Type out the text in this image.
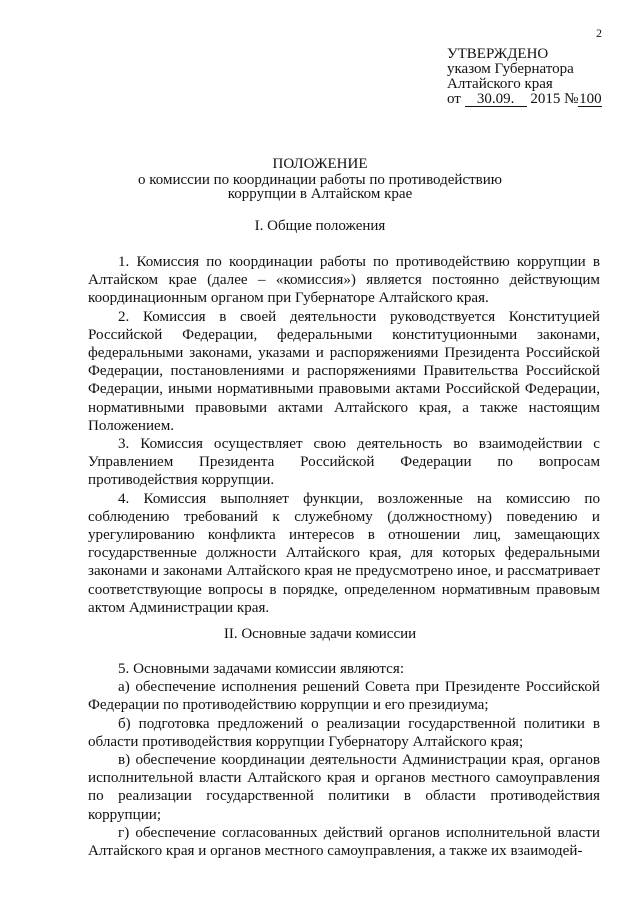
2
УТВЕРЖДЕНО
указом Губернатора
Алтайского края
от 30.09. 2015 №100
ПОЛОЖЕНИЕ
о комиссии по координации работы по противодействию
коррупции в Алтайском крае
I. Общие положения

1. Комиссия по координации работы по противодействию коррупции в Алтайском крае (далее – «комиссия») является постоянно действующим координационным органом при Губернаторе Алтайского края.

2. Комиссия в своей деятельности руководствуется Конституцией Российской Федерации, федеральными конституционными законами, федеральными законами, указами и распоряжениями Президента Российской Федерации, постановлениями и распоряжениями Правительства Российской Федерации, иными нормативными правовыми актами Российской Федерации, нормативными правовыми актами Алтайского края, а также настоящим Положением.

3. Комиссия осуществляет свою деятельность во взаимодействии с Управлением Президента Российской Федерации по вопросам противодействия коррупции.

4. Комиссия выполняет функции, возложенные на комиссию по соблюдению требований к служебному (должностному) поведению и урегулированию конфликта интересов в отношении лиц, замещающих государственные должности Алтайского края, для которых федеральными законами и законами Алтайского края не предусмотрено иное, и рассматривает соответствующие вопросы в порядке, определенном нормативным правовым актом Администрации края.

II. Основные задачи комиссии

5. Основными задачами комиссии являются:

а) обеспечение исполнения решений Совета при Президенте Российской Федерации по противодействию коррупции и его президиума;

б) подготовка предложений о реализации государственной политики в области противодействия коррупции Губернатору Алтайского края;

в) обеспечение координации деятельности Администрации края, органов исполнительной власти Алтайского края и органов местного самоуправления по реализации государственной политики в области противодействия коррупции;

г) обеспечение согласованных действий органов исполнительной власти Алтайского края и органов местного самоуправления, а также их взаимодей-
